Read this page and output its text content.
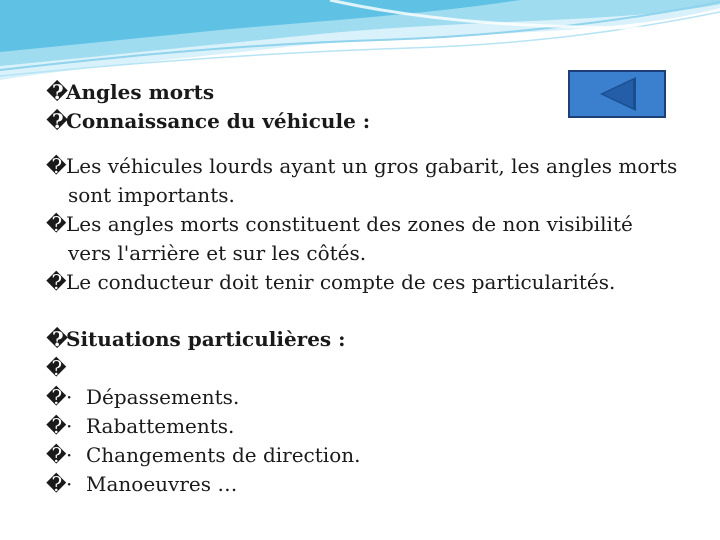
�Angles morts
�Connaissance du véhicule :
�Les véhicules lourds ayant un gros gabarit, les angles morts
sont importants.
�Les angles morts constituent des zones de non visibilité
vers l'arrière et sur les côtés.
�Le conducteur doit tenir compte de ces particularités.
�Situations particulières :
�
�· Dépassements.
�· Rabattements.
�· Changements de direction.
�· Manoeuvres …
